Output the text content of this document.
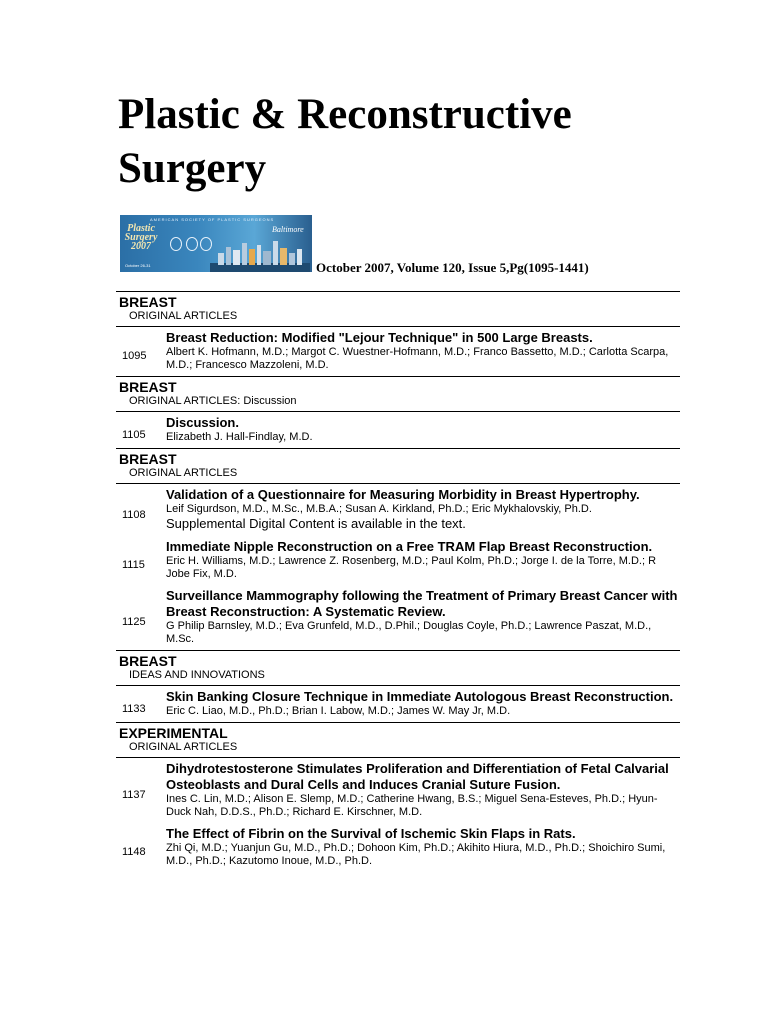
Plastic & Reconstructive
Surgery
AMERICAN SOCIETY OF PLASTIC SURGEONS
Plastic
Surgery
2007
October 26-31
Baltimore
October 2007, Volume 120, Issue 5,Pg(1095-1441)
BREAST
ORIGINAL ARTICLES
1095
Breast Reduction: Modified "Lejour Technique" in 500 Large Breasts.
Albert K. Hofmann, M.D.; Margot C. Wuestner-Hofmann, M.D.; Franco Bassetto, M.D.; Carlotta Scarpa, M.D.; Francesco Mazzoleni, M.D.
BREAST
ORIGINAL ARTICLES: Discussion
1105
Discussion.
Elizabeth J. Hall-Findlay, M.D.
BREAST
ORIGINAL ARTICLES
1108
Validation of a Questionnaire for Measuring Morbidity in Breast Hypertrophy.
Leif Sigurdson, M.D., M.Sc., M.B.A.; Susan A. Kirkland, Ph.D.; Eric Mykhalovskiy, Ph.D.
Supplemental Digital Content is available in the text.
1115
Immediate Nipple Reconstruction on a Free TRAM Flap Breast Reconstruction.
Eric H. Williams, M.D.; Lawrence Z. Rosenberg, M.D.; Paul Kolm, Ph.D.; Jorge I. de la Torre, M.D.; R Jobe Fix, M.D.
1125
Surveillance Mammography following the Treatment of Primary Breast Cancer with Breast Reconstruction: A Systematic Review.
G Philip Barnsley, M.D.; Eva Grunfeld, M.D., D.Phil.; Douglas Coyle, Ph.D.; Lawrence Paszat, M.D., M.Sc.
BREAST
IDEAS AND INNOVATIONS
1133
Skin Banking Closure Technique in Immediate Autologous Breast Reconstruction.
Eric C. Liao, M.D., Ph.D.; Brian I. Labow, M.D.; James W. May Jr, M.D.
EXPERIMENTAL
ORIGINAL ARTICLES
1137
Dihydrotestosterone Stimulates Proliferation and Differentiation of Fetal Calvarial Osteoblasts and Dural Cells and Induces Cranial Suture Fusion.
Ines C. Lin, M.D.; Alison E. Slemp, M.D.; Catherine Hwang, B.S.; Miguel Sena-Esteves, Ph.D.; Hyun-Duck Nah, D.D.S., Ph.D.; Richard E. Kirschner, M.D.
1148
The Effect of Fibrin on the Survival of Ischemic Skin Flaps in Rats.
Zhi Qi, M.D.; Yuanjun Gu, M.D., Ph.D.; Dohoon Kim, Ph.D.; Akihito Hiura, M.D., Ph.D.; Shoichiro Sumi, M.D., Ph.D.; Kazutomo Inoue, M.D., Ph.D.
